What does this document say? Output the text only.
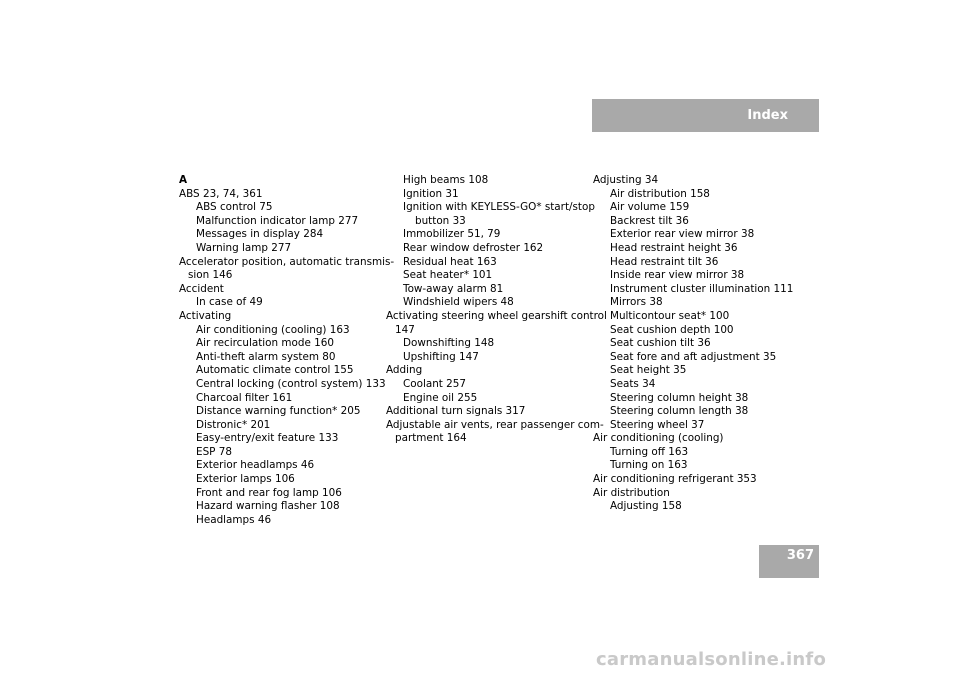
Index
367
A
ABS 23, 74, 361
ABS control 75
Malfunction indicator lamp 277
Messages in display 284
Warning lamp 277
Accelerator position, automatic transmis-
sion 146
Accident
In case of 49
Activating
Air conditioning (cooling) 163
Air recirculation mode 160
Anti-theft alarm system 80
Automatic climate control 155
Central locking (control system) 133
Charcoal filter 161
Distance warning function* 205
Distronic* 201
Easy-entry/exit feature 133
ESP 78
Exterior headlamps 46
Exterior lamps 106
Front and rear fog lamp 106
Hazard warning flasher 108
Headlamps 46
High beams 108
Ignition 31
Ignition with KEYLESS-GO* start/stop
button 33
Immobilizer 51, 79
Rear window defroster 162
Residual heat 163
Seat heater* 101
Tow-away alarm 81
Windshield wipers 48
Activating steering wheel gearshift control
147
Downshifting 148
Upshifting 147
Adding
Coolant 257
Engine oil 255
Additional turn signals 317
Adjustable air vents, rear passenger com-
partment 164
Adjusting 34
Air distribution 158
Air volume 159
Backrest tilt 36
Exterior rear view mirror 38
Head restraint height 36
Head restraint tilt 36
Inside rear view mirror 38
Instrument cluster illumination 111
Mirrors 38
Multicontour seat* 100
Seat cushion depth 100
Seat cushion tilt 36
Seat fore and aft adjustment 35
Seat height 35
Seats 34
Steering column height 38
Steering column length 38
Steering wheel 37
Air conditioning (cooling)
Turning off 163
Turning on 163
Air conditioning refrigerant 353
Air distribution
Adjusting 158
carmanualsonline.info
